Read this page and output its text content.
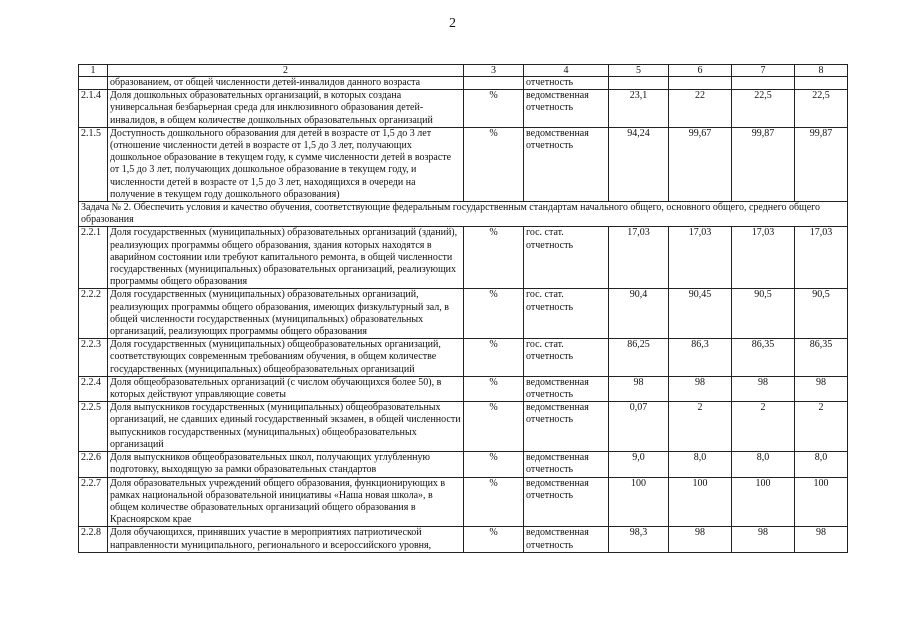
2
1	2	3	4	5	6	7	8
	образованием, от общей численности детей-инвалидов данного возраста		отчетность				
2.1.4	Доля дошкольных образовательных организаций, в которых создана универсальная безбарьерная среда для инклюзивного образования детей-инвалидов, в общем количестве дошкольных образовательных организаций	%	ведомственная отчетность	23,1	22	22,5	22,5
2.1.5	Доступность дошкольного образования для детей в возрасте от 1,5 до 3 лет (отношение численности детей в возрасте от 1,5 до 3 лет, получающих дошкольное образование в текущем году, к сумме численности детей в возрасте от 1,5 до 3 лет, получающих дошкольное образование в текущем году, и численности детей в возрасте от 1,5 до 3 лет, находящихся в очереди на получение в текущем году дошкольного образования)	%	ведомственная отчетность	94,24	99,67	99,87	99,87
Задача № 2. Обеспечить условия и качество обучения, соответствующие федеральным государственным стандартам начального общего, основного общего, среднего общего образования							
2.2.1	Доля государственных (муниципальных) образовательных организаций (зданий), реализующих программы общего образования, здания которых находятся в аварийном состоянии или требуют капитального ремонта, в общей численности государственных (муниципальных) образовательных организаций, реализующих программы общего образования	%	гос. стат. отчетность	17,03	17,03	17,03	17,03
2.2.2	Доля государственных (муниципальных) образовательных организаций, реализующих программы общего образования, имеющих физкультурный зал, в общей численности государственных (муниципальных) образовательных организаций, реализующих программы общего образования	%	гос. стат. отчетность	90,4	90,45	90,5	90,5
2.2.3	Доля государственных (муниципальных) общеобразовательных организаций, соответствующих современным требованиям обучения, в общем количестве государственных (муниципальных) общеобразовательных организаций	%	гос. стат. отчетность	86,25	86,3	86,35	86,35
2.2.4	Доля общеобразовательных организаций (с числом обучающихся более 50), в которых действуют управляющие советы	%	ведомственная отчетность	98	98	98	98
2.2.5	Доля выпускников государственных (муниципальных) общеобразовательных организаций, не сдавших единый государственный экзамен, в общей численности выпускников государственных (муниципальных) общеобразовательных организаций	%	ведомственная отчетность	0,07	2	2	2
2.2.6	Доля выпускников общеобразовательных школ, получающих углубленную подготовку, выходящую за рамки образовательных стандартов	%	ведомственная отчетность	9,0	8,0	8,0	8,0
2.2.7	Доля образовательных учреждений общего образования, функционирующих в рамках национальной образовательной инициативы «Наша новая школа», в общем количестве образовательных организаций общего образования в Красноярском крае	%	ведомственная отчетность	100	100	100	100
2.2.8	Доля обучающихся, принявших участие в мероприятиях патриотической направленности муниципального, регионального и всероссийского уровня,	%	ведомственная отчетность	98,3	98	98	98
